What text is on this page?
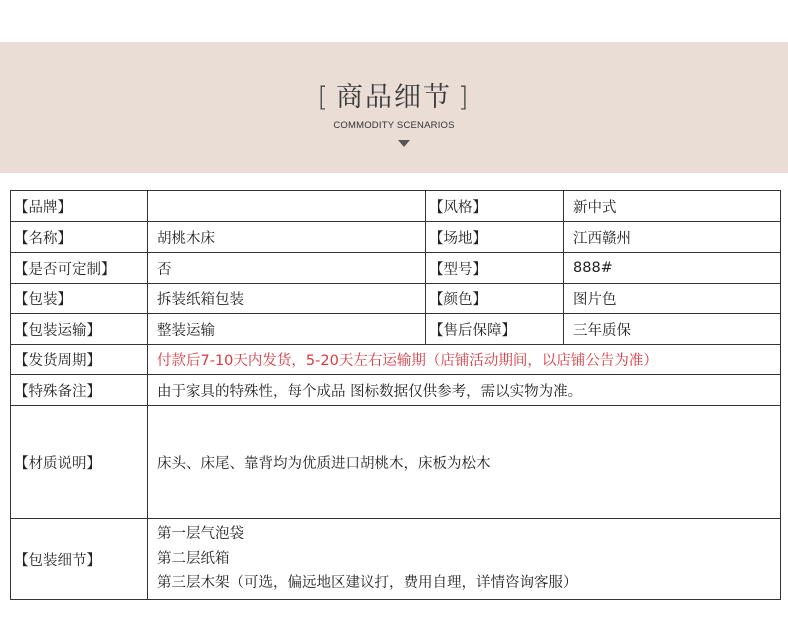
[ 商品细节 ]
COMMODITY SCENARIOS
【品牌】		【风格】	新中式
【名称】	胡桃木床	【场地】	江西赣州
【是否可定制】	否	【型号】	888#
【包装】	拆装纸箱包装	【颜色】	图片色
【包装运输】	整装运输	【售后保障】	三年质保
【发货周期】	付款后7-10天内发货，5-20天左右运输期（店铺活动期间，以店铺公告为准）		
【特殊备注】	由于家具的特殊性，每个成品 图标数据仅供参考，需以实物为准。		
【材质说明】	床头、床尾、靠背均为优质进口胡桃木，床板为松木		
【包装细节】	第一层气泡袋
第二层纸箱
第三层木架（可选，偏远地区建议打，费用自理，详情咨询客服）		
